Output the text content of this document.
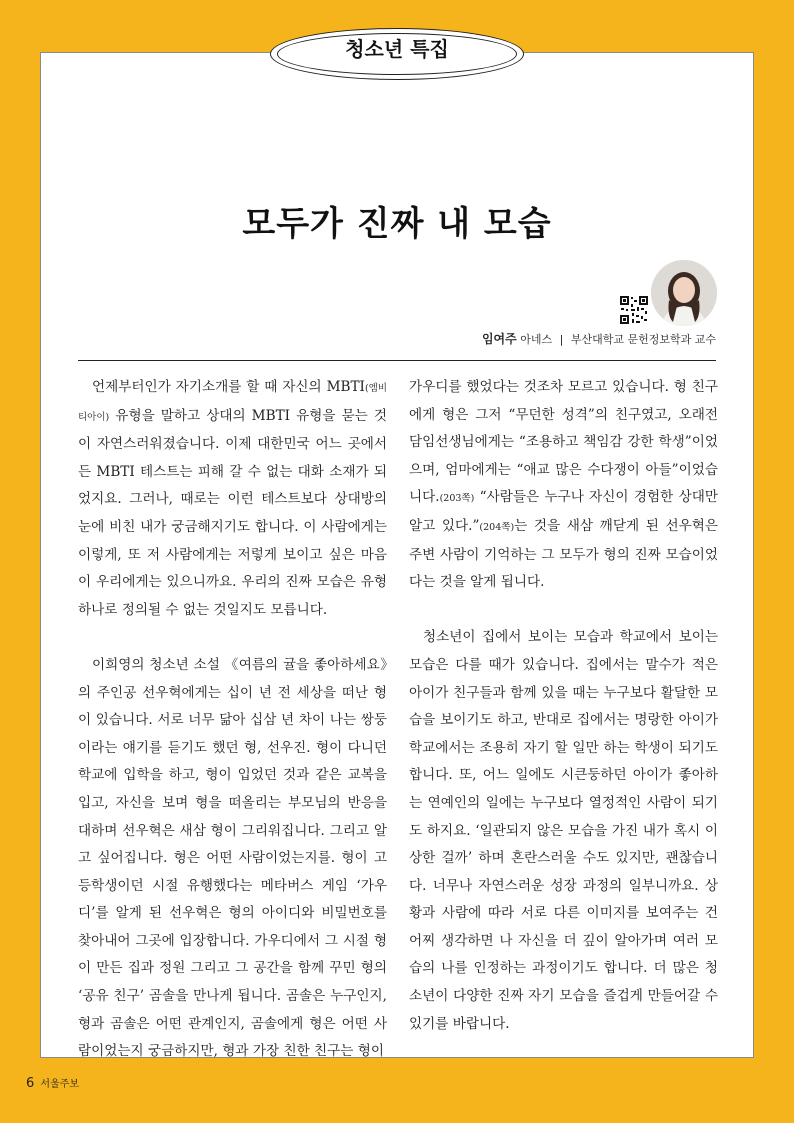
청소년 특집
모두가 진짜 내 모습
임여주 아네스 | 부산대학교 문헌정보학과 교수

언제부터인가 자기소개를 할 때 자신의 MBTI(엠비티아이) 유형을 말하고 상대의 MBTI 유형을 묻는 것이 자연스러워졌습니다. 이제 대한민국 어느 곳에서든 MBTI 테스트는 피해 갈 수 없는 대화 소재가 되었지요. 그러나, 때로는 이런 테스트보다 상대방의 눈에 비친 내가 궁금해지기도 합니다. 이 사람에게는 이렇게, 또 저 사람에게는 저렇게 보이고 싶은 마음이 우리에게는 있으니까요. 우리의 진짜 모습은 유형 하나로 정의될 수 없는 것일지도 모릅니다.

이희영의 청소년 소설 《여름의 귤을 좋아하세요》의 주인공 선우혁에게는 십이 년 전 세상을 떠난 형이 있습니다. 서로 너무 닮아 십삼 년 차이 나는 쌍둥이라는 얘기를 듣기도 했던 형, 선우진. 형이 다니던 학교에 입학을 하고, 형이 입었던 것과 같은 교복을 입고, 자신을 보며 형을 떠올리는 부모님의 반응을 대하며 선우혁은 새삼 형이 그리워집니다. 그리고 알고 싶어집니다. 형은 어떤 사람이었는지를. 형이 고등학생이던 시절 유행했다는 메타버스 게임 ‘가우디’를 알게 된 선우혁은 형의 아이디와 비밀번호를 찾아내어 그곳에 입장합니다. 가우디에서 그 시절 형이 만든 집과 정원 그리고 그 공간을 함께 꾸민 형의 ‘공유 친구’ 곰솔을 만나게 됩니다. 곰솔은 누구인지, 형과 곰솔은 어떤 관계인지, 곰솔에게 형은 어떤 사람이었는지 궁금하지만, 형과 가장 친한 친구는 형이

가우디를 했었다는 것조차 모르고 있습니다. 형 친구에게 형은 그저 “무던한 성격”의 친구였고, 오래전 담임선생님에게는 “조용하고 책임감 강한 학생”이었으며, 엄마에게는 “애교 많은 수다쟁이 아들”이었습니다.(203쪽) “사람들은 누구나 자신이 경험한 상대만 알고 있다.”(204쪽)는 것을 새삼 깨닫게 된 선우혁은 주변 사람이 기억하는 그 모두가 형의 진짜 모습이었다는 것을 알게 됩니다.

청소년이 집에서 보이는 모습과 학교에서 보이는 모습은 다를 때가 있습니다. 집에서는 말수가 적은 아이가 친구들과 함께 있을 때는 누구보다 활달한 모습을 보이기도 하고, 반대로 집에서는 명랑한 아이가 학교에서는 조용히 자기 할 일만 하는 학생이 되기도 합니다. 또, 어느 일에도 시큰둥하던 아이가 좋아하는 연예인의 일에는 누구보다 열정적인 사람이 되기도 하지요. ‘일관되지 않은 모습을 가진 내가 혹시 이상한 걸까’ 하며 혼란스러울 수도 있지만, 괜찮습니다. 너무나 자연스러운 성장 과정의 일부니까요. 상황과 사람에 따라 서로 다른 이미지를 보여주는 건 어찌 생각하면 나 자신을 더 깊이 알아가며 여러 모습의 나를 인정하는 과정이기도 합니다. 더 많은 청소년이 다양한 진짜 자기 모습을 즐겁게 만들어갈 수 있기를 바랍니다.

6 서울주보
